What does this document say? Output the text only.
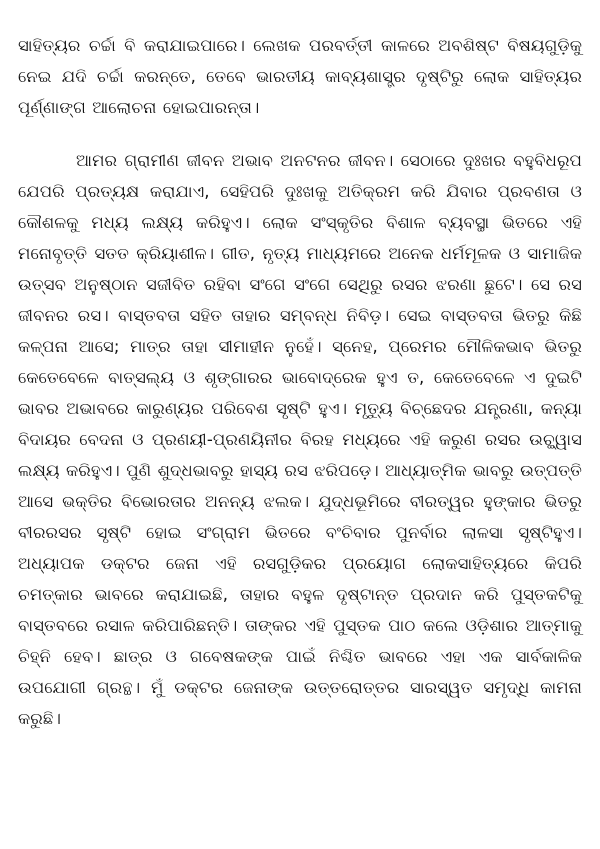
ସାହିତ୍ୟର ଚର୍ଚ୍ଚା ବି କରାଯାଇପାରେ। ଲେଖକ ପରବର୍ତ୍ତୀ କାଳରେ ଅବଶିଷ୍ଟ ବିଷୟଗୁଡ଼ିକୁ ନେଇ ଯଦି ଚର୍ଚ୍ଚା କରନ୍ତେ, ତେବେ ଭାରତୀୟ କାବ୍ୟଶାସ୍ତ୍ର ଦୃଷ୍ଟିରୁ ଲୋକ ସାହିତ୍ୟର ପୂର୍ଣ୍ଣାଙ୍ଗ ଆଲୋଚନା ହୋଇପାରନ୍ତା।

ଆମର ଗ୍ରାମୀଣ ଜୀବନ ଅଭାବ ଅନଟନର ଜୀବନ। ସେଠାରେ ଦୁଃଖର ବହୁବିଧରୂପ ଯେପରି ପ୍ରତ୍ୟକ୍ଷ କରାଯାଏ, ସେହିପରି ଦୁଃଖକୁ ଅତିକ୍ରମ କରି ଯିବାର ପ୍ରବଣତା ଓ କୌଶଳକୁ ମଧ୍ୟ ଲକ୍ଷ୍ୟ କରିହୁଏ। ଲୋକ ସଂସ୍କୃତିର ବିଶାଳ ବ୍ୟବସ୍ଥା ଭିତରେ ଏହି ମନୋବୃତ୍ତି ସତତ କ୍ରିୟାଶୀଳ। ଗୀତ, ନୃତ୍ୟ ମାଧ୍ୟମରେ ଅନେକ ଧର୍ମମୂଳକ ଓ ସାମାଜିକ ଉତ୍ସବ ଅନୁଷ୍ଠାନ ସଜୀବିତ ରହିବା ସଂଗେ ସଂଗେ ସେଥିରୁ ରସର ଝରଣା ଛୁଟେ। ସେ ରସ ଜୀବନର ରସ। ବାସ୍ତବତା ସହିତ ତାହାର ସମ୍ବନ୍ଧ ନିବିଡ଼। ସେଇ ବାସ୍ତବତା ଭିତରୁ କିଛି କଳ୍ପନା ଆସେ; ମାତ୍ର ତାହା ସୀମାହୀନ ନୁହେଁ। ସ୍ନେହ, ପ୍ରେମର ମୌଳିକଭାବ ଭିତରୁ କେତେବେଳେ ବାତ୍ସଲ୍ୟ ଓ ଶୃଙ୍ଗାରର ଭାବୋଦ୍ରେକ ହୁଏ ତ, କେତେବେଳେ ଏ ଦୁଇଟି ଭାବର ଅଭାବରେ କାରୁଣ୍ୟର ପରିବେଶ ସୃଷ୍ଟି ହୁଏ। ମୃତ୍ୟୁ ବିଚ୍ଛେଦର ଯନ୍ତ୍ରଣା, କନ୍ୟା ବିଦାୟର ବେଦନା ଓ ପ୍ରଣୟୀ-ପ୍ରଣୟିନୀର ବିରହ ମଧ୍ୟରେ ଏହି କରୁଣ ରସର ଉଚ୍ଛ୍ୱାସ ଲକ୍ଷ୍ୟ କରିହୁଏ। ପୁଣି ଶୁଦ୍ଧଭାବରୁ ହାସ୍ୟ ରସ ଝରିପଡ଼େ। ଆଧ୍ୟାତ୍ମିକ ଭାବରୁ ଉତ୍ପତ୍ତି ଆସେ ଭକ୍ତିର ବିଭୋରତାର ଅନନ୍ୟ ଝଲକ। ଯୁଦ୍ଧଭୂମିରେ ବୀରତ୍ୱର ହୁଙ୍କାର ଭିତରୁ ବୀରରସର ସୃଷ୍ଟି ହୋଇ ସଂଗ୍ରାମ ଭିତରେ ବଂଚିବାର ପୁନର୍ବାର ଲାଳସା ସୃଷ୍ଟିହୁଏ। ଅଧ୍ୟାପକ ଡକ୍ଟର ଜେନା ଏହି ରସଗୁଡ଼ିକର ପ୍ରୟୋଗ ଲୋକସାହିତ୍ୟରେ କିପରି ଚମତ୍କାର ଭାବରେ କରାଯାଇଛି, ତାହାର ବହୁଳ ଦୃଷ୍ଟାନ୍ତ ପ୍ରଦାନ କରି ପୁସ୍ତକଟିକୁ ବାସ୍ତବରେ ରସାଳ କରିପାରିଛନ୍ତି। ତାଙ୍କର ଏହି ପୁସ୍ତକ ପାଠ କଲେ ଓଡ଼ିଶାର ଆତ୍ମାକୁ ଚିହ୍ନି ହେବ। ଛାତ୍ର ଓ ଗବେଷକଙ୍କ ପାଇଁ ନିଶ୍ଚିତ ଭାବରେ ଏହା ଏକ ସାର୍ବକାଳିକ ଉପଯୋଗୀ ଗ୍ରନ୍ଥ। ମୁଁ ଡକ୍ଟର ଜେନାଙ୍କ ଉତ୍ତରୋତ୍ତର ସାରସ୍ୱତ ସମୃଦ୍ଧି କାମନା କରୁଛି।
